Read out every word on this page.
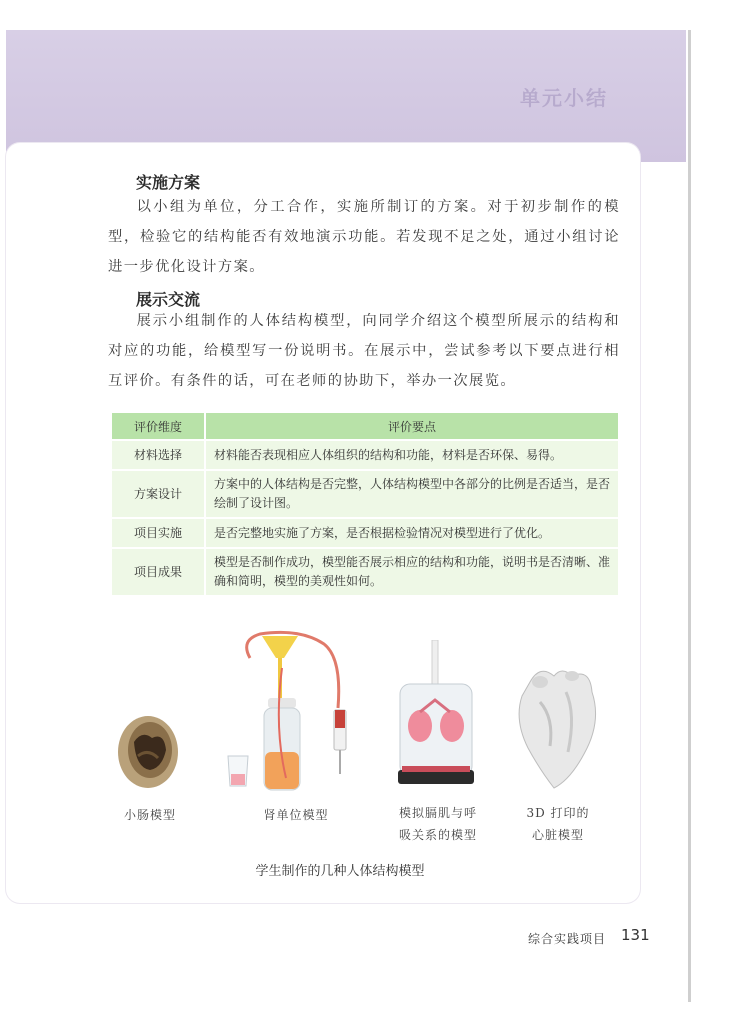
单元小结
实施方案
以小组为单位，分工合作，实施所制订的方案。对于初步制作的模型，检验它的结构能否有效地演示功能。若发现不足之处，通过小组讨论进一步优化设计方案。
展示交流
展示小组制作的人体结构模型，向同学介绍这个模型所展示的结构和对应的功能，给模型写一份说明书。在展示中，尝试参考以下要点进行相互评价。有条件的话，可在老师的协助下，举办一次展览。
评价维度	评价要点
材料选择	材料能否表现相应人体组织的结构和功能，材料是否环保、易得。
方案设计	方案中的人体结构是否完整，人体结构模型中各部分的比例是否适当，是否绘制了设计图。
项目实施	是否完整地实施了方案，是否根据检验情况对模型进行了优化。
项目成果	模型是否制作成功，模型能否展示相应的结构和功能，说明书是否清晰、准确和简明，模型的美观性如何。
小肠模型	肾单位模型	模拟膈肌与呼
吸关系的模型
3D 打印的
心脏模型
学生制作的几种人体结构模型
综合实践项目 131
